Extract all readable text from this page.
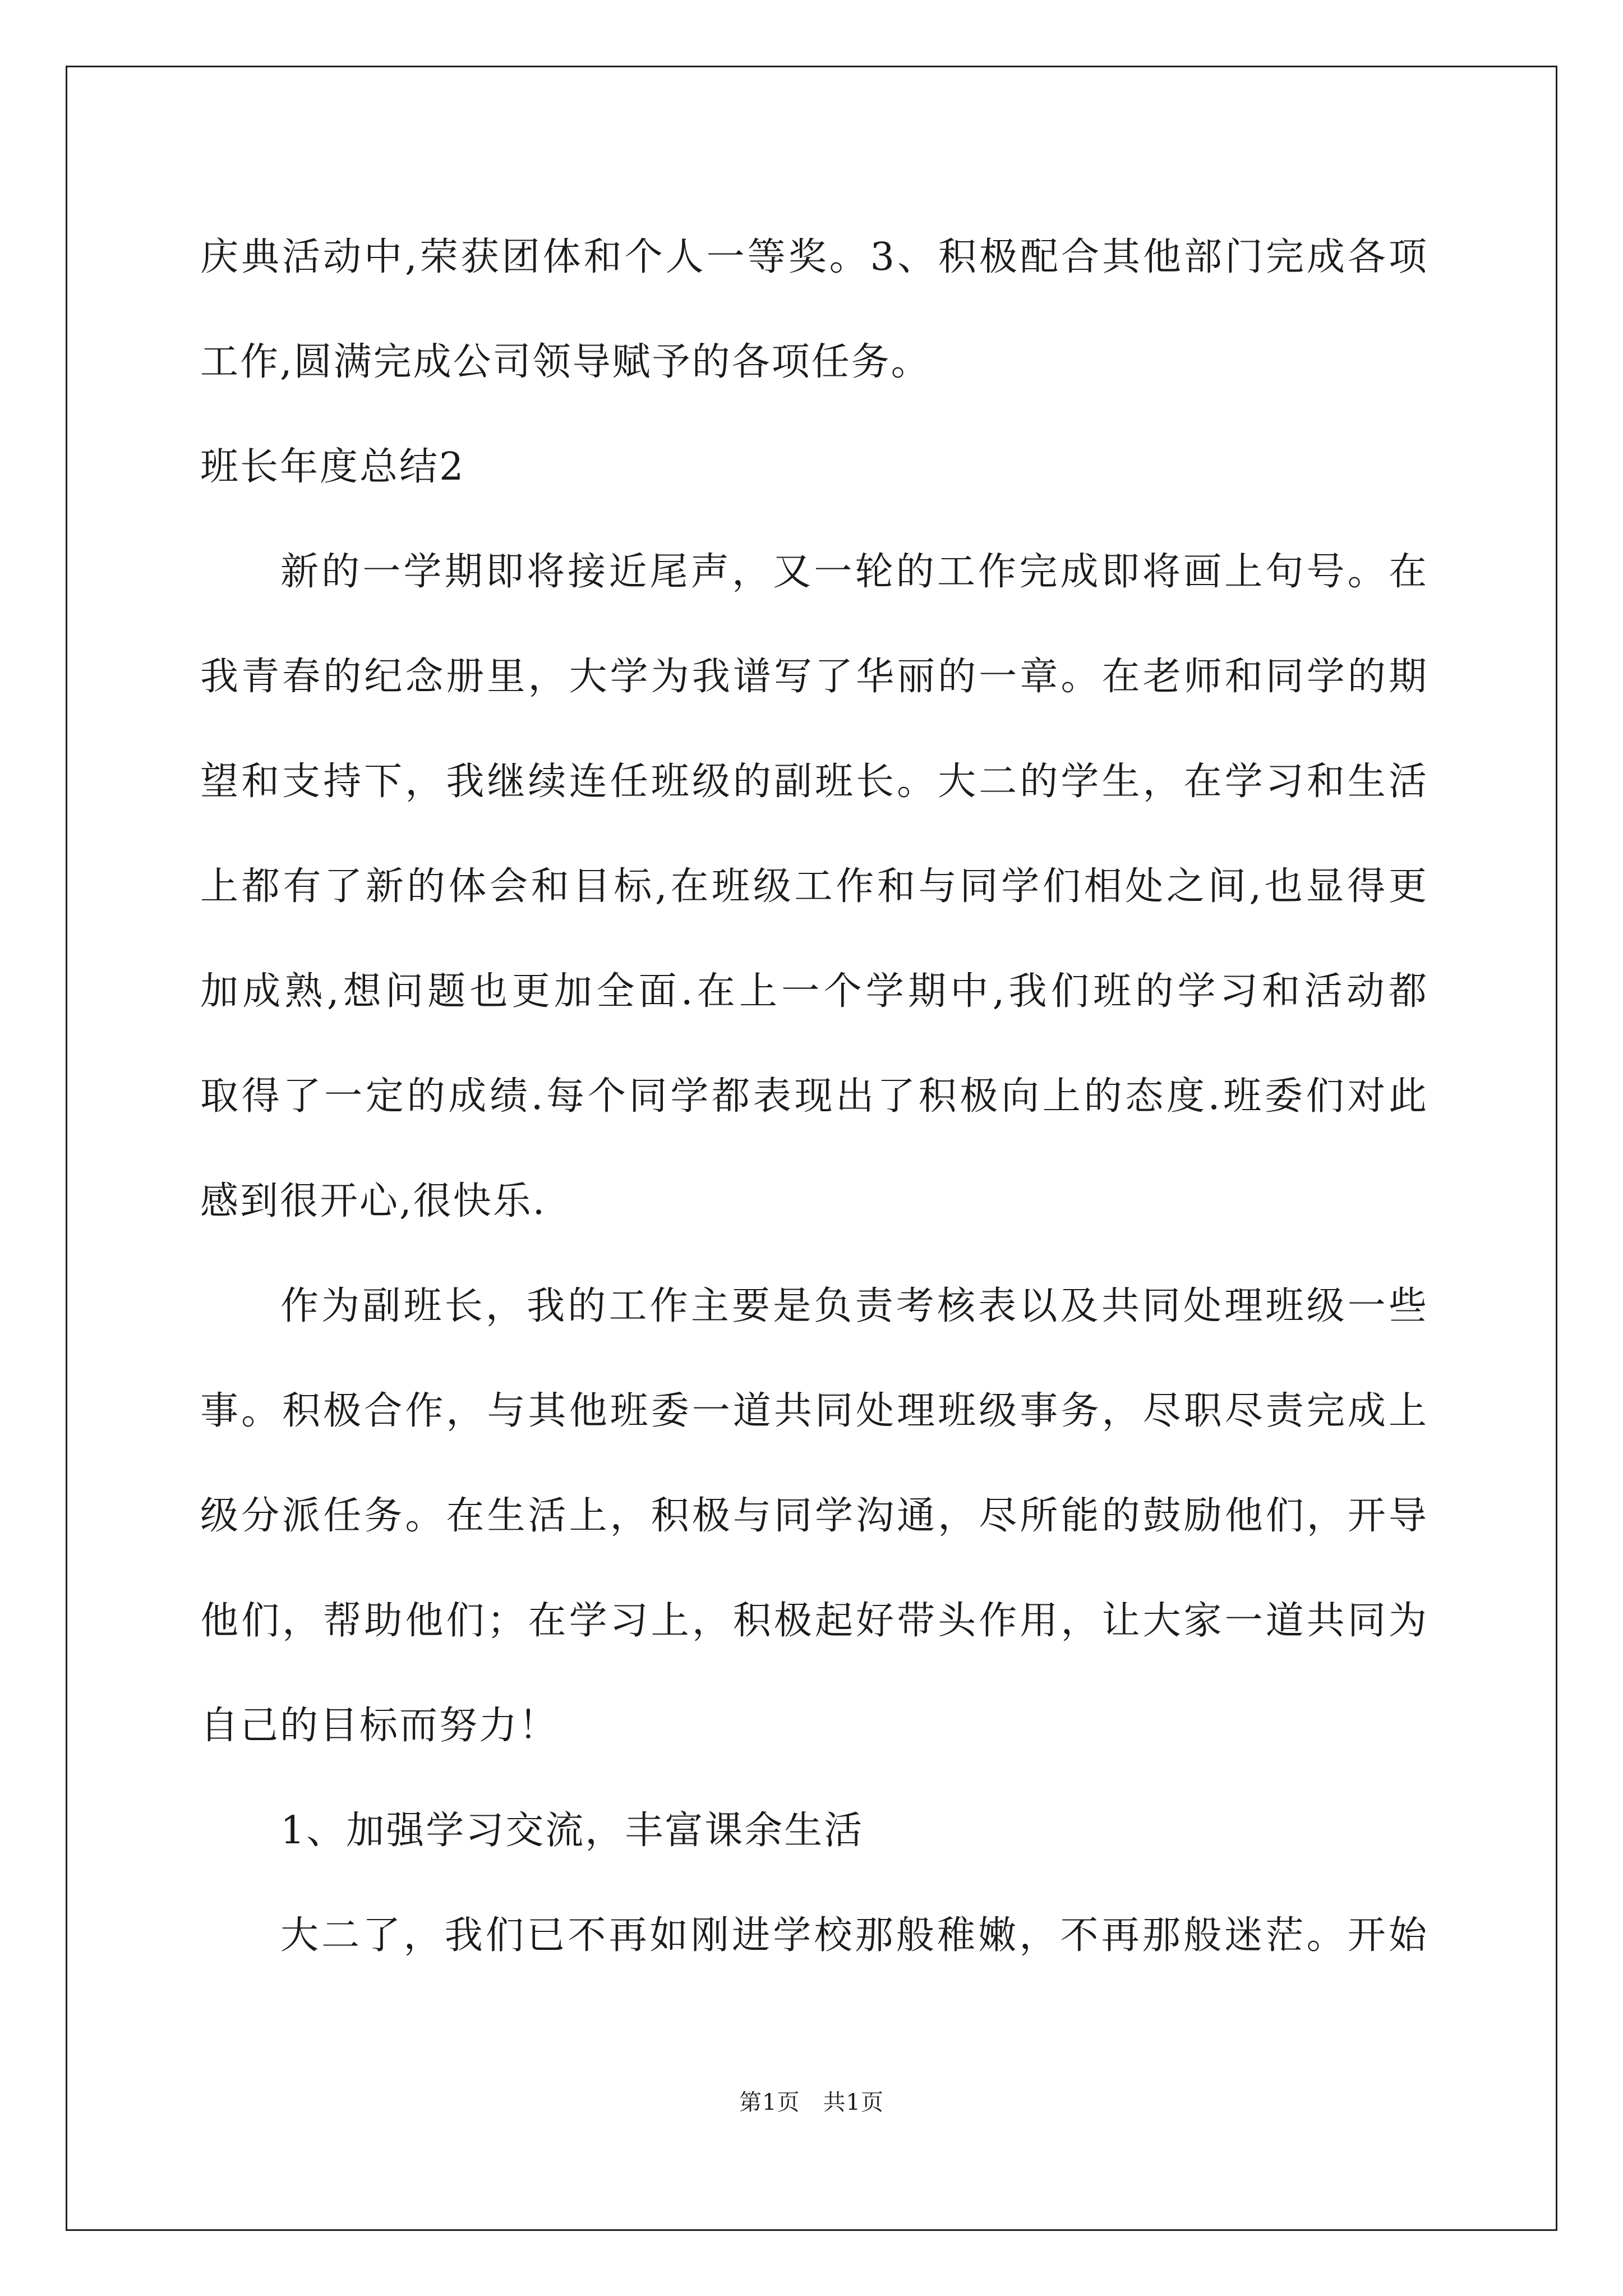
庆典活动中,荣获团体和个人一等奖。3、积极配合其他部门完成各项
工作,圆满完成公司领导赋予的各项任务。
班长年度总结2
新的一学期即将接近尾声，又一轮的工作完成即将画上句号。在
我青春的纪念册里，大学为我谱写了华丽的一章。在老师和同学的期
望和支持下，我继续连任班级的副班长。大二的学生，在学习和生活
上都有了新的体会和目标,在班级工作和与同学们相处之间,也显得更
加成熟,想问题也更加全面.在上一个学期中,我们班的学习和活动都
取得了一定的成绩.每个同学都表现出了积极向上的态度.班委们对此
感到很开心,很快乐.
作为副班长，我的工作主要是负责考核表以及共同处理班级一些
事。积极合作，与其他班委一道共同处理班级事务，尽职尽责完成上
级分派任务。在生活上，积极与同学沟通，尽所能的鼓励他们，开导
他们，帮助他们；在学习上，积极起好带头作用，让大家一道共同为
自己的目标而努力！
1、加强学习交流，丰富课余生活
大二了，我们已不再如刚进学校那般稚嫩，不再那般迷茫。开始
第1页　共1页
